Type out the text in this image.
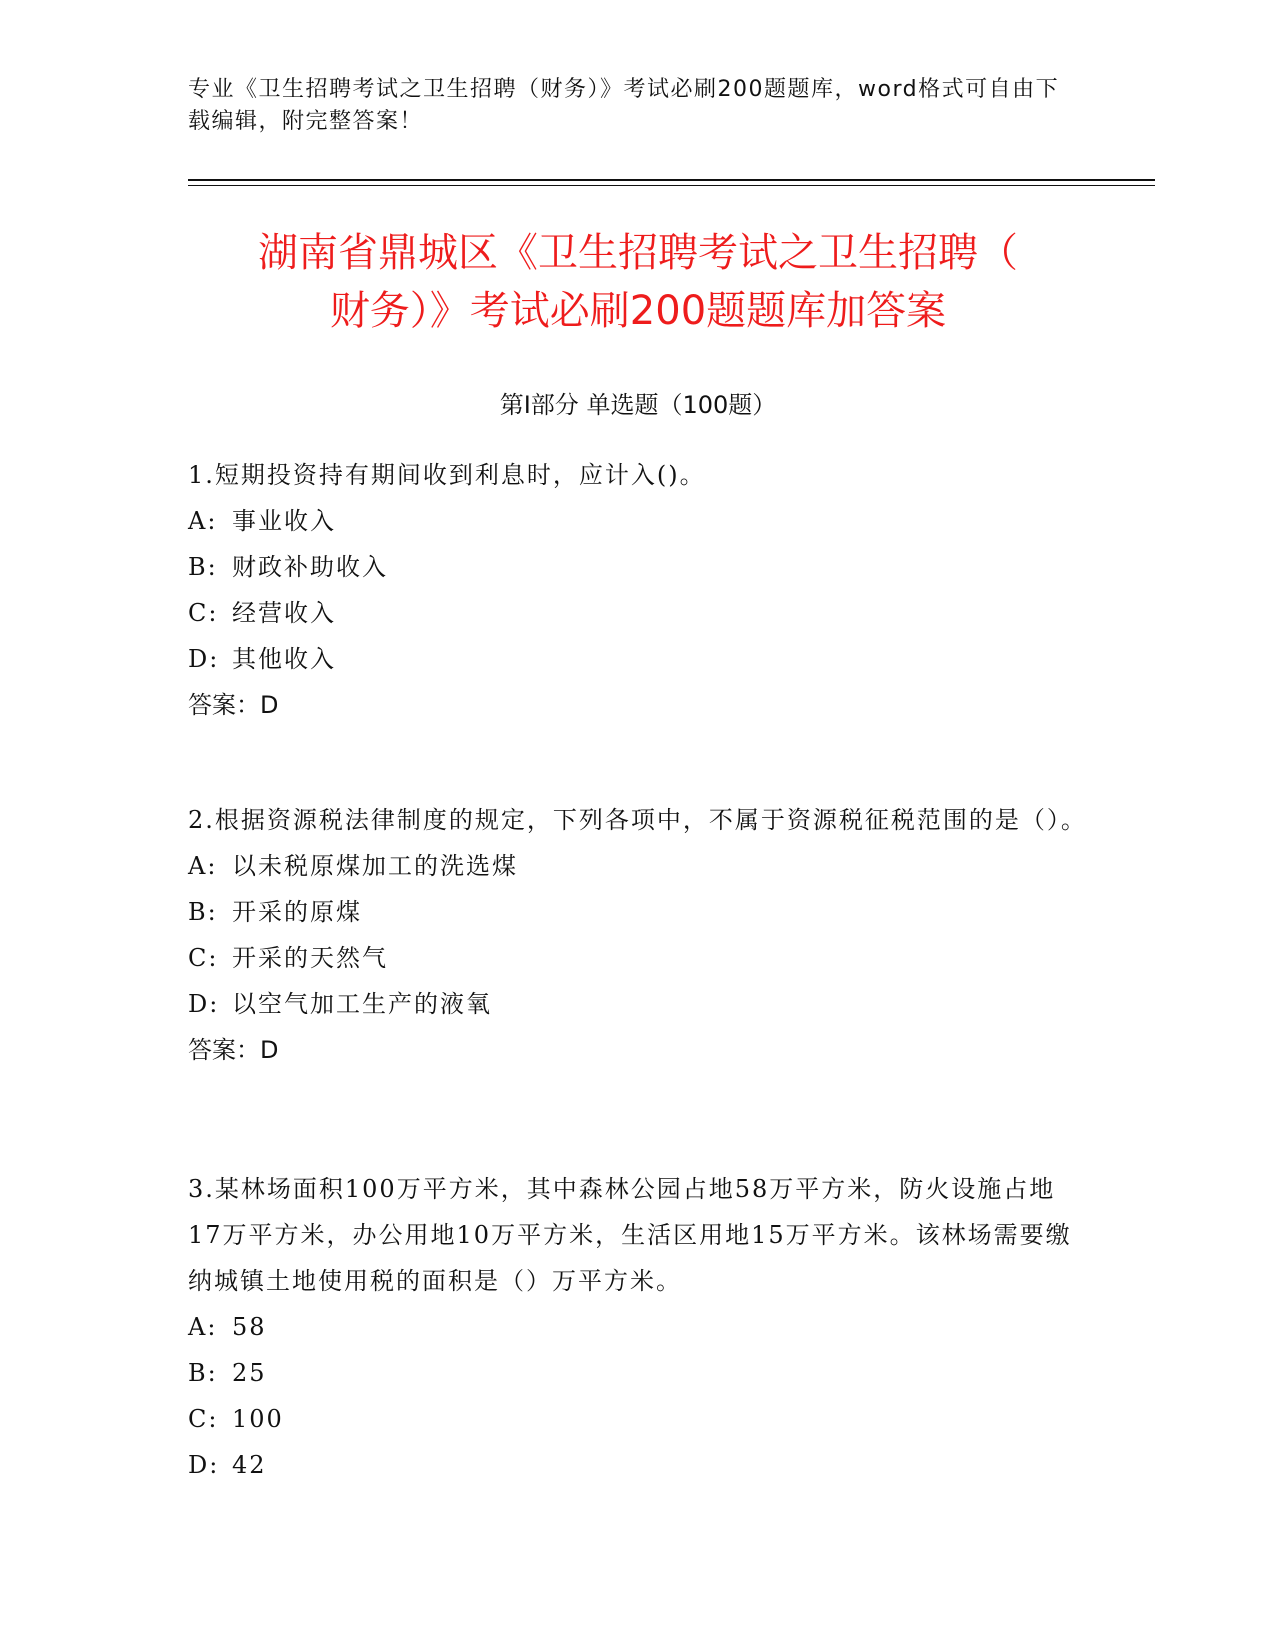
专业《卫生招聘考试之卫生招聘（财务）》考试必刷200题题库，word格式可自由下载编辑，附完整答案！
湖南省鼎城区《卫生招聘考试之卫生招聘（
财务）》考试必刷200题题库加答案
第I部分 单选题（100题）

1.短期投资持有期间收到利息时，应计入()。

A: 事业收入

B: 财政补助收入

C: 经营收入

D: 其他收入

答案：D

2.根据资源税法律制度的规定，下列各项中，不属于资源税征税范围的是（）。

A: 以未税原煤加工的洗选煤

B: 开采的原煤

C: 开采的天然气

D: 以空气加工生产的液氧

答案：D

3.某林场面积100万平方米，其中森林公园占地58万平方米，防火设施占地17万平方米，办公用地10万平方米，生活区用地15万平方米。该林场需要缴纳城镇土地使用税的面积是（）万平方米。

A: 58

B: 25

C: 100

D: 42
